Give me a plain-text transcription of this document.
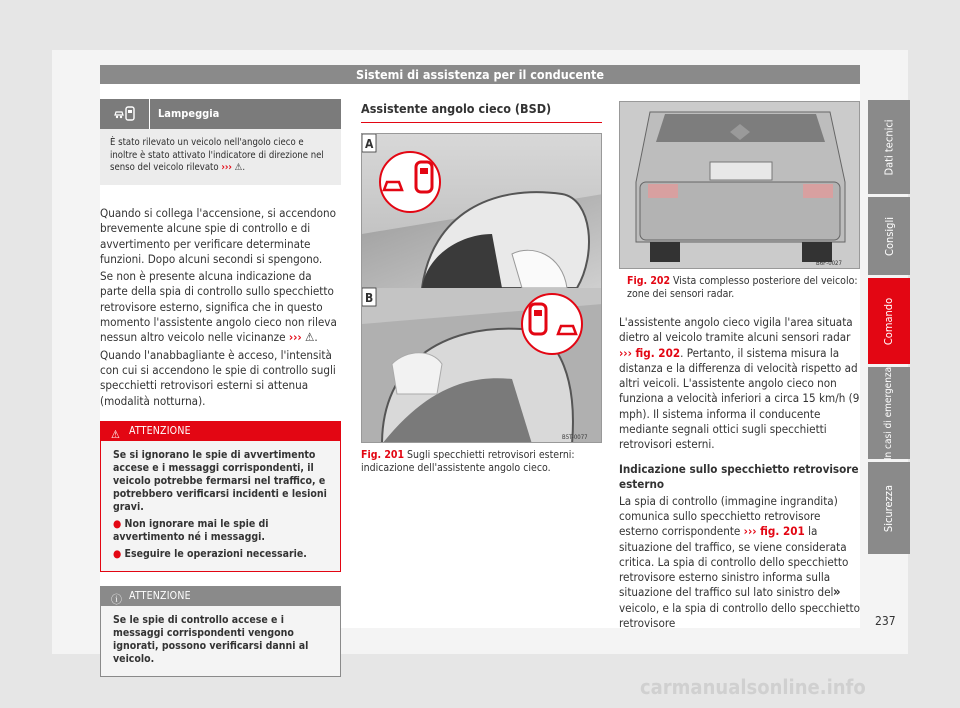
Sistemi di assistenza per il conducente
Lampeggia
È stato rilevato un veicolo nell'angolo cieco e inoltre è stato attivato l'indicatore di direzione nel senso del veicolo rilevato ››› ⚠.

Quando si collega l'accensione, si accendono brevemente alcune spie di controllo e di avvertimento per verificare determinate funzioni. Dopo alcuni secondi si spengono.

Se non è presente alcuna indicazione da parte della spia di controllo sullo specchietto retrovisore esterno, significa che in questo momento l'assistente angolo cieco non rileva nessun altro veicolo nelle vicinanze ››› ⚠.

Quando l'anabbagliante è acceso, l'intensità con cui si accendono le spie di controllo sugli specchietti retrovisori esterni si attenua (modalità notturna).

⚠ ATTENZIONE
Se si ignorano le spie di avvertimento accese e i messaggi corrispondenti, il veicolo potrebbe fermarsi nel traffico, e potrebbero verificarsi incidenti e lesioni gravi.
● Non ignorare mai le spie di avvertimento né i messaggi.
● Eseguire le operazioni necessarie.
ⓘ ATTENZIONE
Se le spie di controllo accese e i messaggi corrispondenti vengono ignorati, possono verificarsi danni al veicolo.
Assistente angolo cieco (BSD)
A
B
B5T-0077
Fig. 201 Sugli specchietti retrovisori esterni: indicazione dell'assistente angolo cieco.
B6F-0027
Fig. 202 Vista complesso posteriore del veicolo: zone dei sensori radar.

L'assistente angolo cieco vigila l'area situata dietro al veicolo tramite alcuni sensori radar ››› fig. 202. Pertanto, il sistema misura la distanza e la differenza di velocità rispetto ad altri veicoli. L'assistente angolo cieco non funziona a velocità inferiori a circa 15 km/h (9 mph). Il sistema informa il conducente mediante segnali ottici sugli specchietti retrovisori esterni.

Indicazione sullo specchietto retrovisore esterno

La spia di controllo (immagine ingrandita) comunica sullo specchietto retrovisore esterno corrispondente ››› fig. 201 la situazione del traffico, se viene considerata critica. La spia di controllo dello specchietto retrovisore esterno sinistro informa sulla situazione del traffico sul lato sinistro del veicolo, e la spia di controllo dello specchietto retrovisore

»
Dati tecnici
Consigli
Comando
In casi di emergenza
Sicurezza
237
carmanualsonline.info
